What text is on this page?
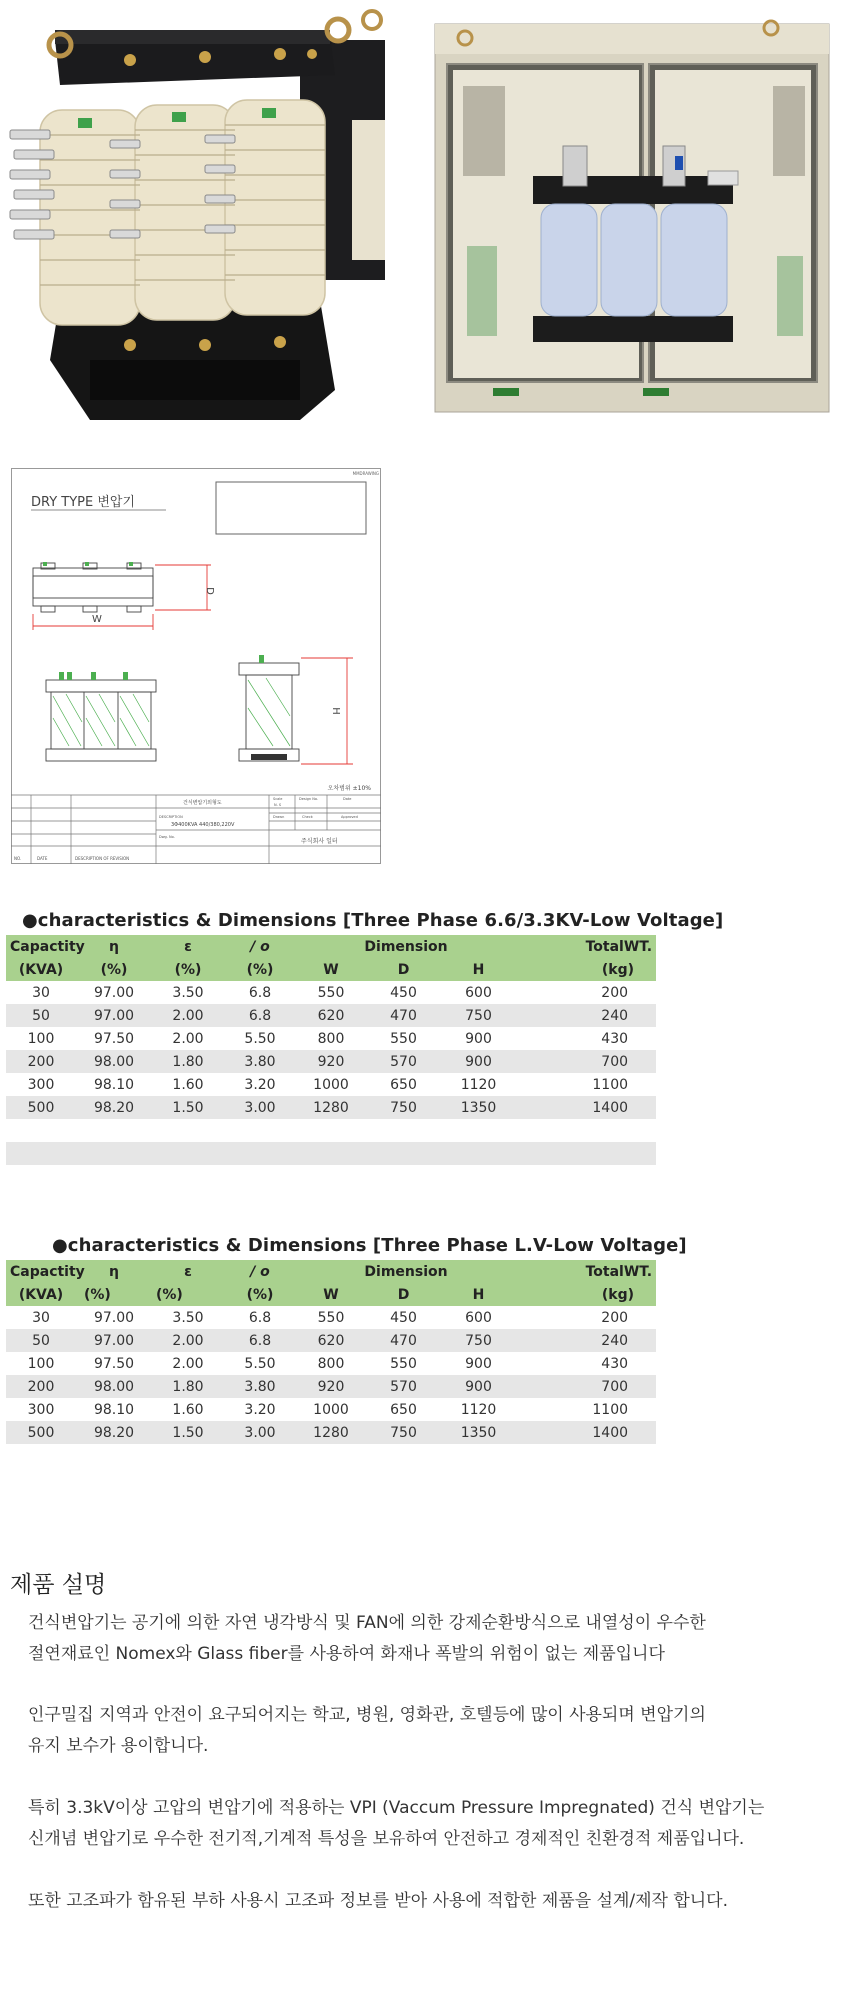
MMDRAWING
DRY TYPE 변압기
D
W
H
오차범위 ±10%
건식변압기외형도
DESCRIPTION
3Φ400KVA 440/380,220V
Dwg. No.
Scale	Design No.	Date
N. S
Drawn	Check	Approved
주식회사 일터
NO.	DATE	DESCRIPTION OF REVISION
●characteristics & Dimensions [Three Phase 6.6/3.3KV-Low Voltage]
Capactity	η	ε	/ o	Dimension			TotalWT.
(KVA)	(%)	(%)	(%)	W	D	H	(kg)
30	97.00	3.50	6.8	550	450	600	200
50	97.00	2.00	6.8	620	470	750	240
100	97.50	2.00	5.50	800	550	900	430
200	98.00	1.80	3.80	920	570	900	700
300	98.10	1.60	3.20	1000	650	1120	1100
500	98.20	1.50	3.00	1280	750	1350	1400

●characteristics & Dimensions [Three Phase L.V-Low Voltage]
Capactity	η	ε	/ o	Dimension			TotalWT.
(KVA)	(%)	(%)	(%)	W	D	H	(kg)
30	97.00	3.50	6.8	550	450	600	200
50	97.00	2.00	6.8	620	470	750	240
100	97.50	2.00	5.50	800	550	900	430
200	98.00	1.80	3.80	920	570	900	700
300	98.10	1.60	3.20	1000	650	1120	1100
500	98.20	1.50	3.00	1280	750	1350	1400
제품 설명

건식변압기는 공기에 의한 자연 냉각방식 및 FAN에 의한 강제순환방식으로 내열성이 우수한

절연재료인 Nomex와 Glass fiber를 사용하여 화재나 폭발의 위험이 없는 제품입니다

인구밀집 지역과 안전이 요구되어지는 학교, 병원, 영화관, 호텔등에 많이 사용되며 변압기의

유지 보수가 용이합니다.

특히 3.3kV이상 고압의 변압기에 적용하는 VPI (Vaccum Pressure Impregnated) 건식 변압기는

신개념 변압기로 우수한 전기적,기계적 특성을 보유하여 안전하고 경제적인 친환경적 제품입니다.

또한 고조파가 함유된 부하 사용시 고조파 정보를 받아 사용에 적합한 제품을 설계/제작 합니다.
